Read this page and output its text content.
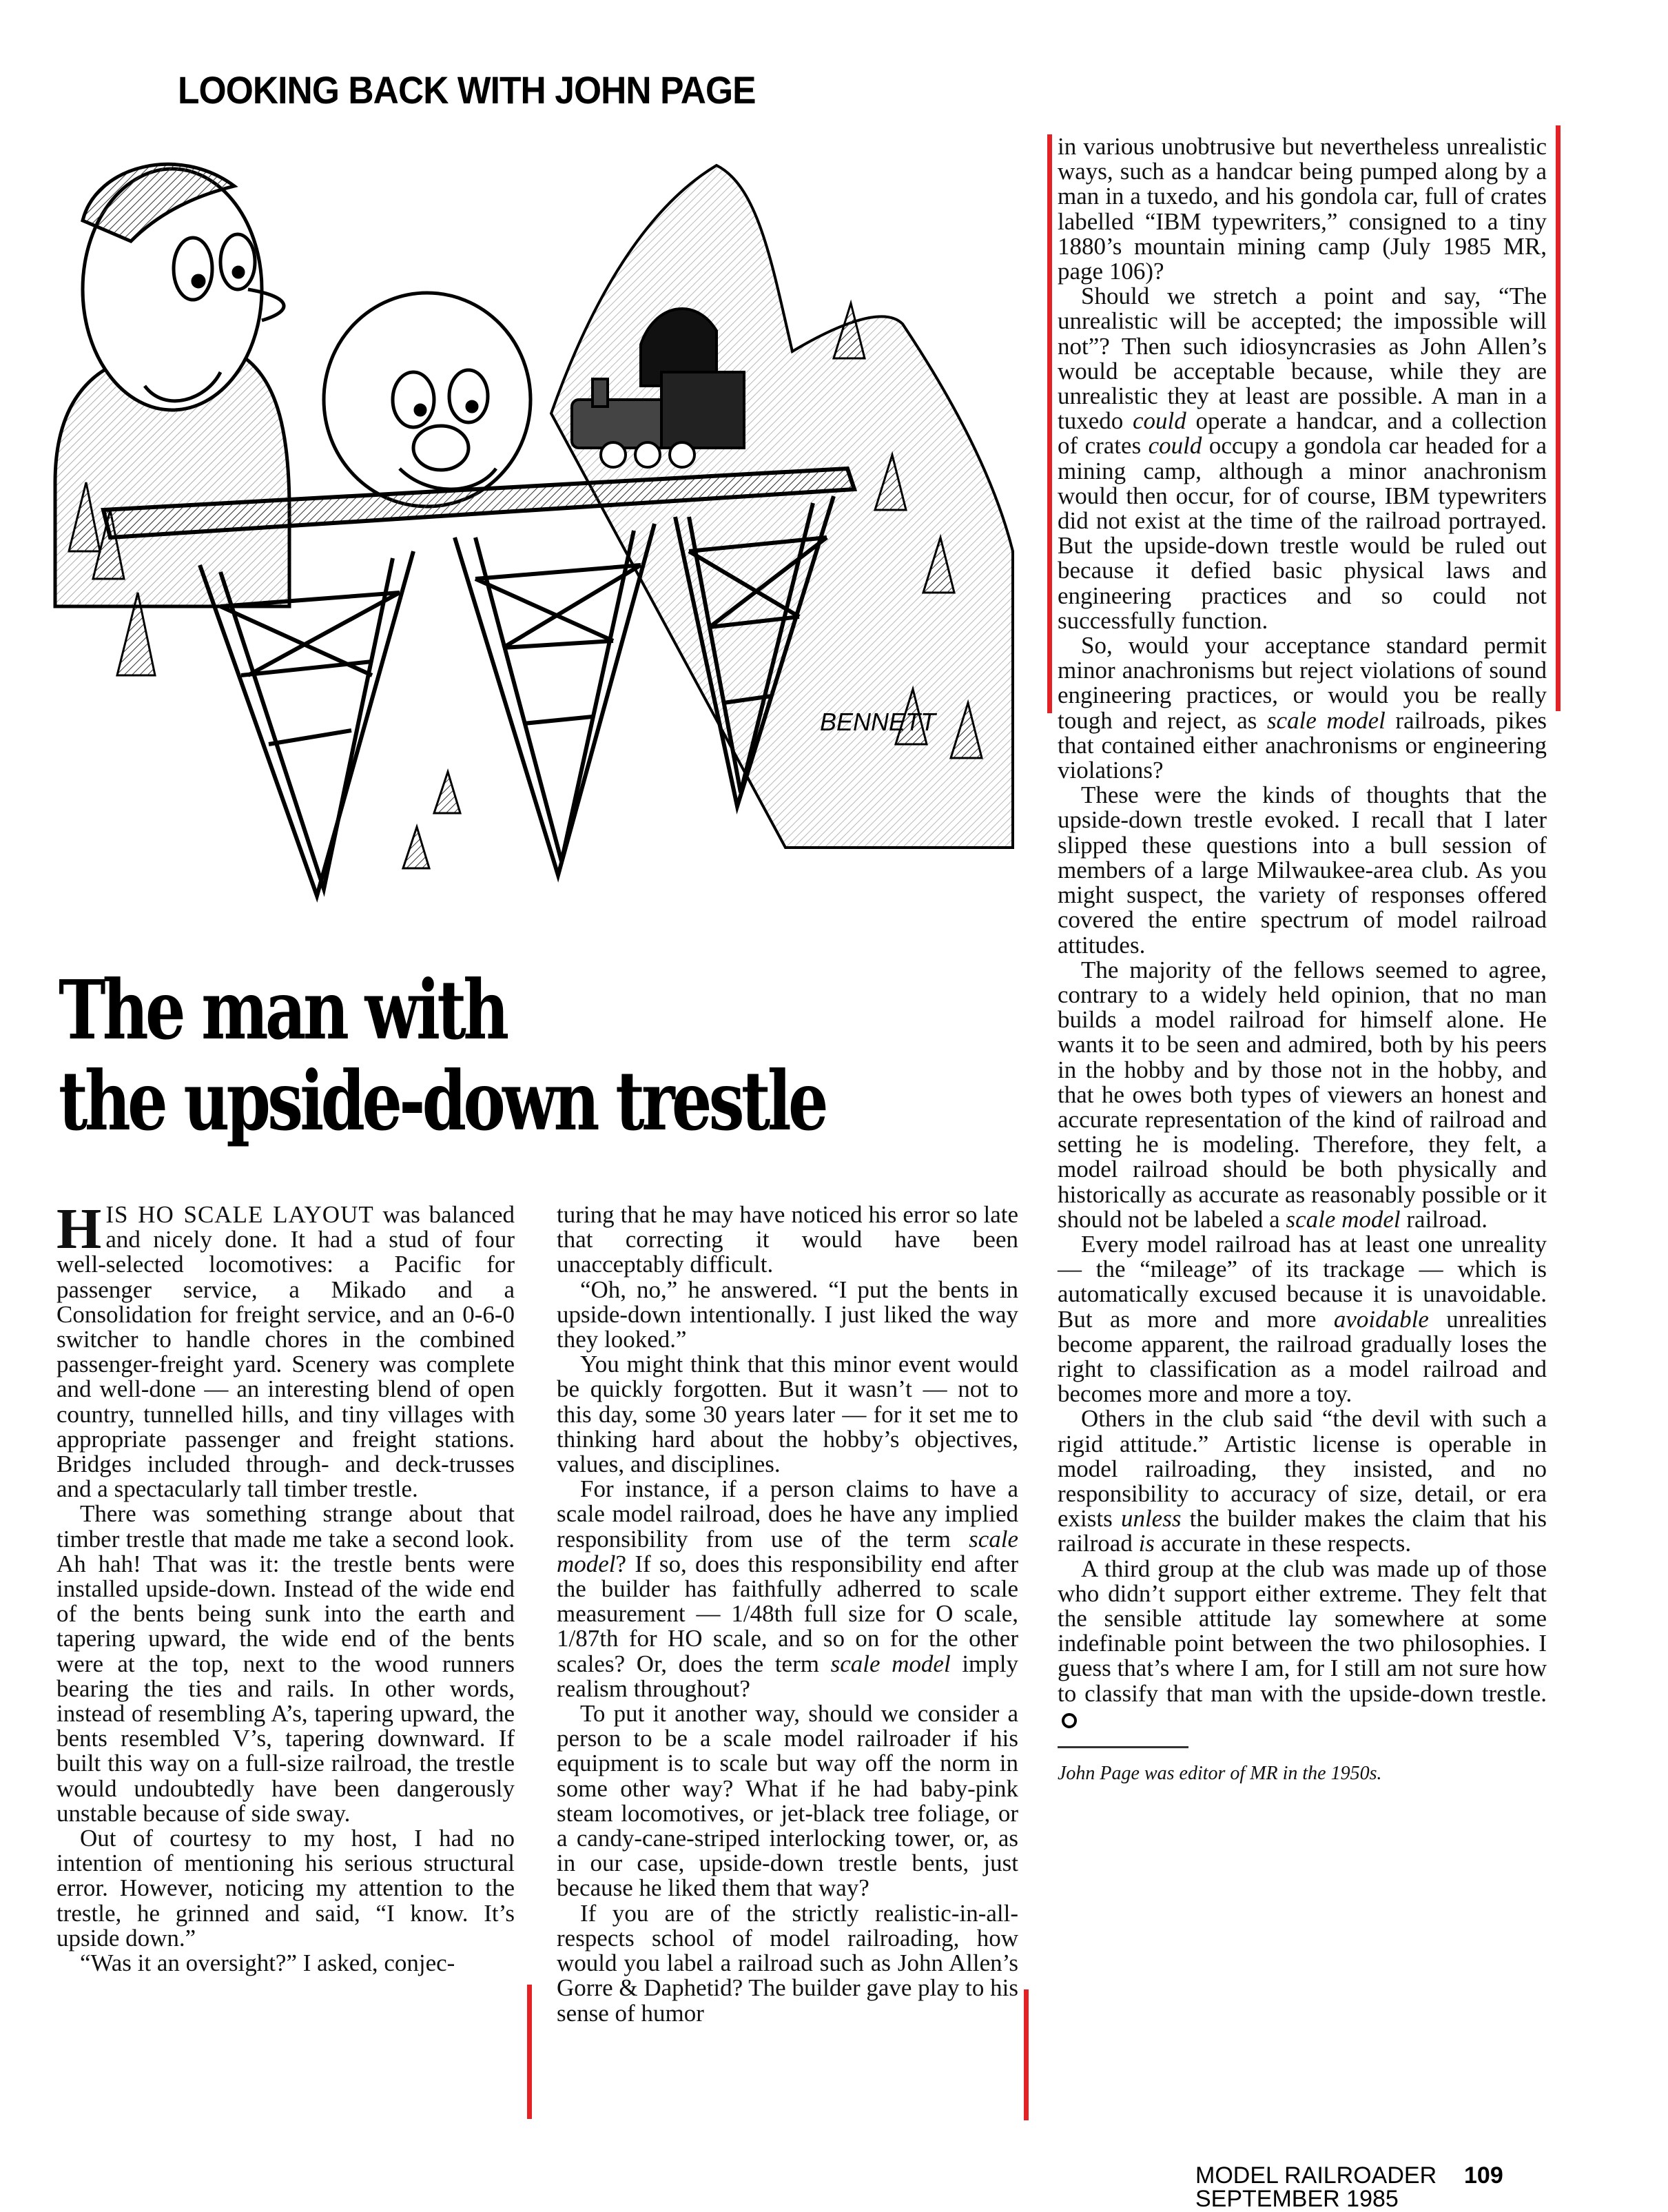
LOOKING BACK WITH JOHN PAGE
BENNETT
The man with
the upside-down trestle

HIS HO SCALE LAYOUT was balanced and nicely done. It had a stud of four well-selected locomotives: a Pacific for passenger service, a Mikado and a Consolidation for freight service, and an 0-6-0 switcher to handle chores in the combined passenger-freight yard. Scenery was complete and well-done — an interesting blend of open country, tunnelled hills, and tiny villages with appropriate passenger and freight stations. Bridges included through- and deck-trusses and a spectacularly tall timber trestle.

There was something strange about that timber trestle that made me take a second look. Ah hah! That was it: the trestle bents were installed upside-down. Instead of the wide end of the bents being sunk into the earth and tapering upward, the wide end of the bents were at the top, next to the wood runners bearing the ties and rails. In other words, instead of resembling A’s, tapering upward, the bents resembled V’s, tapering downward. If built this way on a full-size railroad, the trestle would undoubtedly have been dangerously unstable because of side sway.

Out of courtesy to my host, I had no intention of mentioning his serious structural error. However, noticing my attention to the trestle, he grinned and said, “I know. It’s upside down.”

“Was it an oversight?” I asked, conjec-

turing that he may have noticed his error so late that correcting it would have been unacceptably difficult.

“Oh, no,” he answered. “I put the bents in upside-down intentionally. I just liked the way they looked.”

You might think that this minor event would be quickly forgotten. But it wasn’t — not to this day, some 30 years later — for it set me to thinking hard about the hobby’s objectives, values, and disciplines.

For instance, if a person claims to have a scale model railroad, does he have any implied responsibility from use of the term scale model? If so, does this responsibility end after the builder has faithfully adherred to scale measurement — 1/48th full size for O scale, 1/87th for HO scale, and so on for the other scales? Or, does the term scale model imply realism throughout?

To put it another way, should we consider a person to be a scale model railroader if his equipment is to scale but way off the norm in some other way? What if he had baby-pink steam locomotives, or jet-black tree foliage, or a candy-cane-striped interlocking tower, or, as in our case, upside-down trestle bents, just because he liked them that way?

If you are of the strictly realistic-in-all-respects school of model railroading, how would you label a railroad such as John Allen’s Gorre & Daphetid? The builder gave play to his sense of humor

in various unobtrusive but nevertheless unrealistic ways, such as a handcar being pumped along by a man in a tuxedo, and his gondola car, full of crates labelled “IBM typewriters,” consigned to a tiny 1880’s mountain mining camp (July 1985 MR, page 106)?

Should we stretch a point and say, “The unrealistic will be accepted; the impossible will not”? Then such idiosyncrasies as John Allen’s would be acceptable because, while they are unrealistic they at least are possible. A man in a tuxedo could operate a handcar, and a collection of crates could occupy a gondola car headed for a mining camp, although a minor anachronism would then occur, for of course, IBM typewriters did not exist at the time of the railroad portrayed. But the upside-down trestle would be ruled out because it defied basic physical laws and engineering practices and so could not successfully function.

So, would your acceptance standard permit minor anachronisms but reject violations of sound engineering practices, or would you be really tough and reject, as scale model railroads, pikes that contained either anachronisms or engineering violations?

These were the kinds of thoughts that the upside-down trestle evoked. I recall that I later slipped these questions into a bull session of members of a large Milwaukee-area club. As you might suspect, the variety of responses offered covered the entire spectrum of model railroad attitudes.

The majority of the fellows seemed to agree, contrary to a widely held opinion, that no man builds a model railroad for himself alone. He wants it to be seen and admired, both by his peers in the hobby and by those not in the hobby, and that he owes both types of viewers an honest and accurate representation of the kind of railroad and setting he is modeling. Therefore, they felt, a model railroad should be both physically and historically as accurate as reasonably possible or it should not be labeled a scale model railroad.

Every model railroad has at least one unreality — the “mileage” of its trackage — which is automatically excused because it is unavoidable. But as more and more avoidable unrealities become apparent, the railroad gradually loses the right to classification as a model railroad and becomes more and more a toy.

Others in the club said “the devil with such a rigid attitude.” Artistic license is operable in model railroading, they insisted, and no responsibility to accuracy of size, detail, or era exists unless the builder makes the claim that his railroad is accurate in these respects.

A third group at the club was made up of those who didn’t support either extreme. They felt that the sensible attitude lay somewhere at some indefinable point between the two philosophies. I guess that’s where I am, for I still am not sure how to classify that man with the upside-down trestle.

John Page was editor of MR in the 1950s.

MODEL RAILROADER
SEPTEMBER 1985
109
